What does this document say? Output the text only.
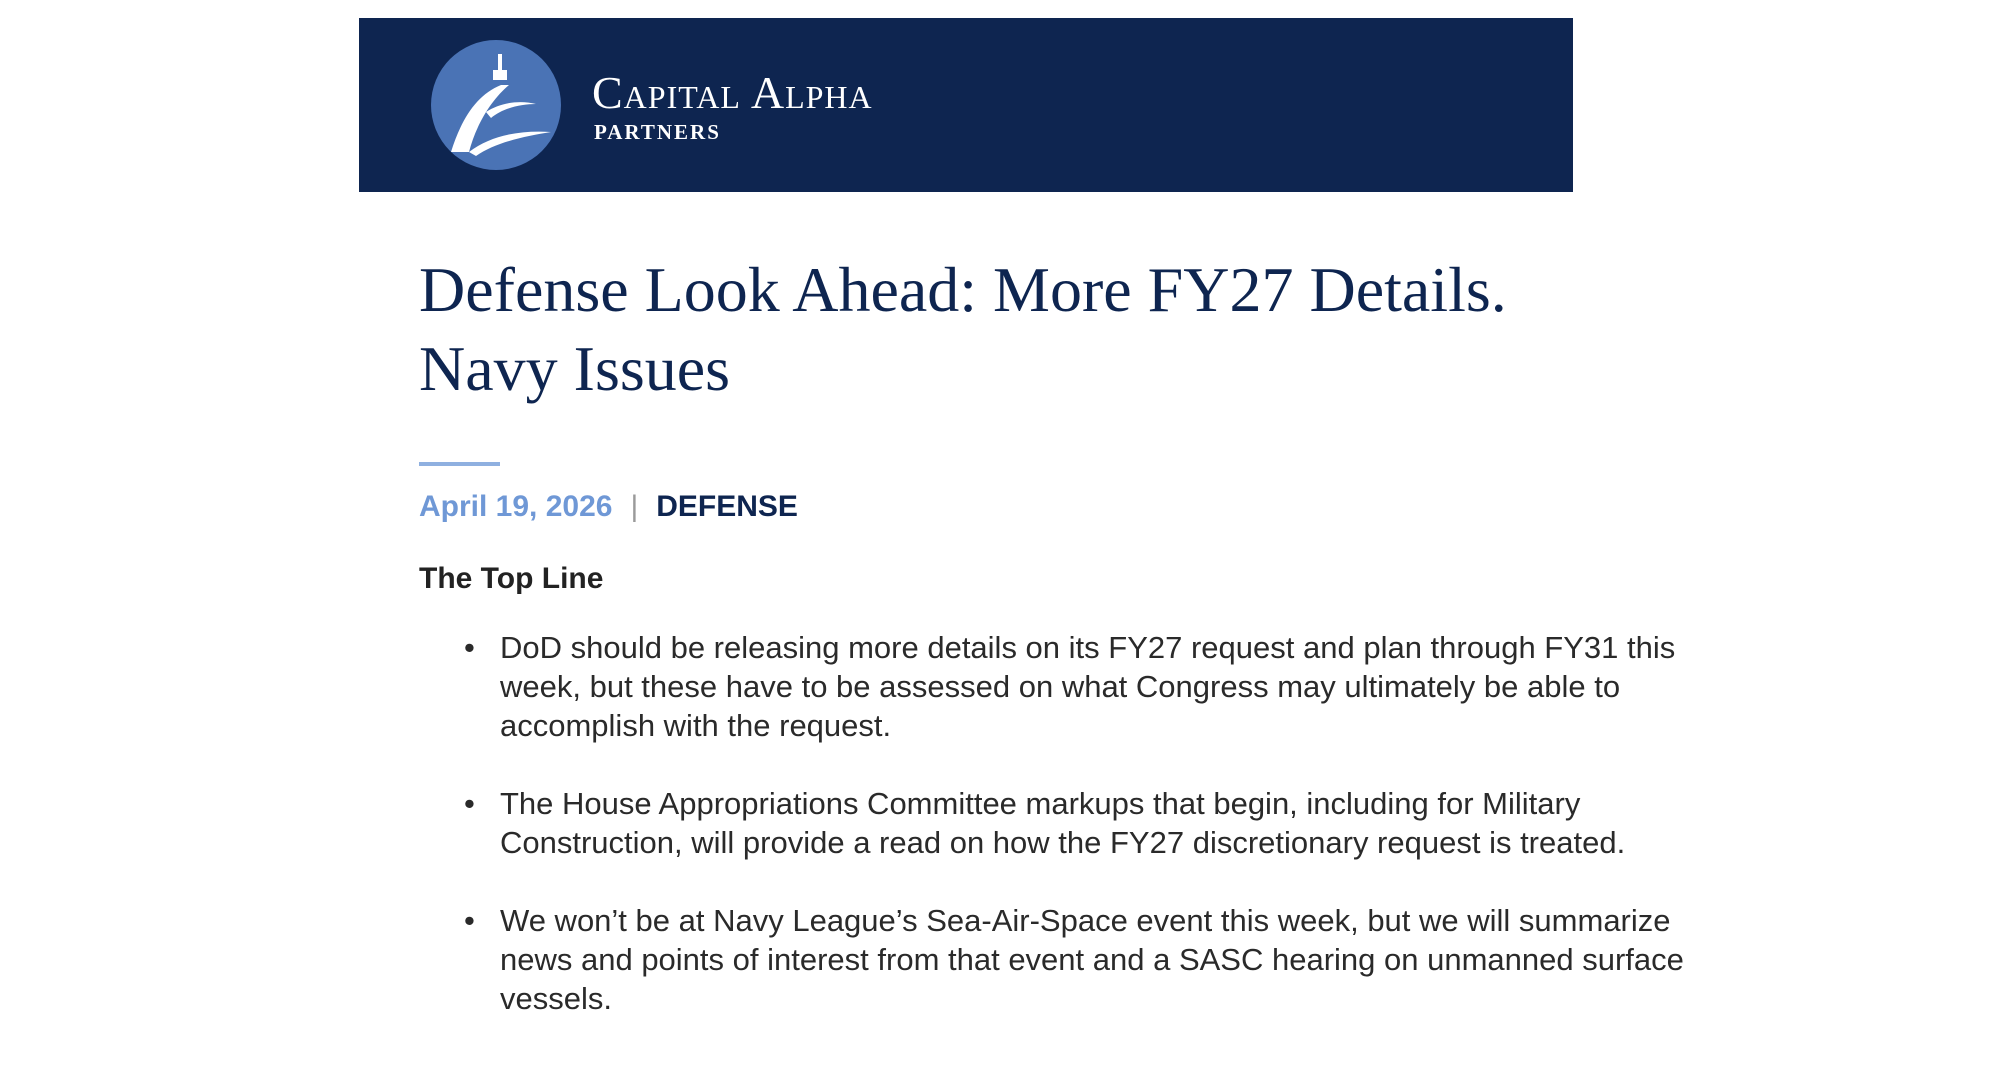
Capital Alpha
PARTNERS
Defense Look Ahead: More FY27 Details. Navy Issues
April 19, 2026 | DEFENSE
The Top Line
• DoD should be releasing more details on its FY27 request and plan through FY31 this week, but these have to be assessed on what Congress may ultimately be able to accomplish with the request.
• The House Appropriations Committee markups that begin, including for Military Construction, will provide a read on how the FY27 discretionary request is treated.
• We won’t be at Navy League’s Sea-Air-Space event this week, but we will summarize news and points of interest from that event and a SASC hearing on unmanned surface vessels.
